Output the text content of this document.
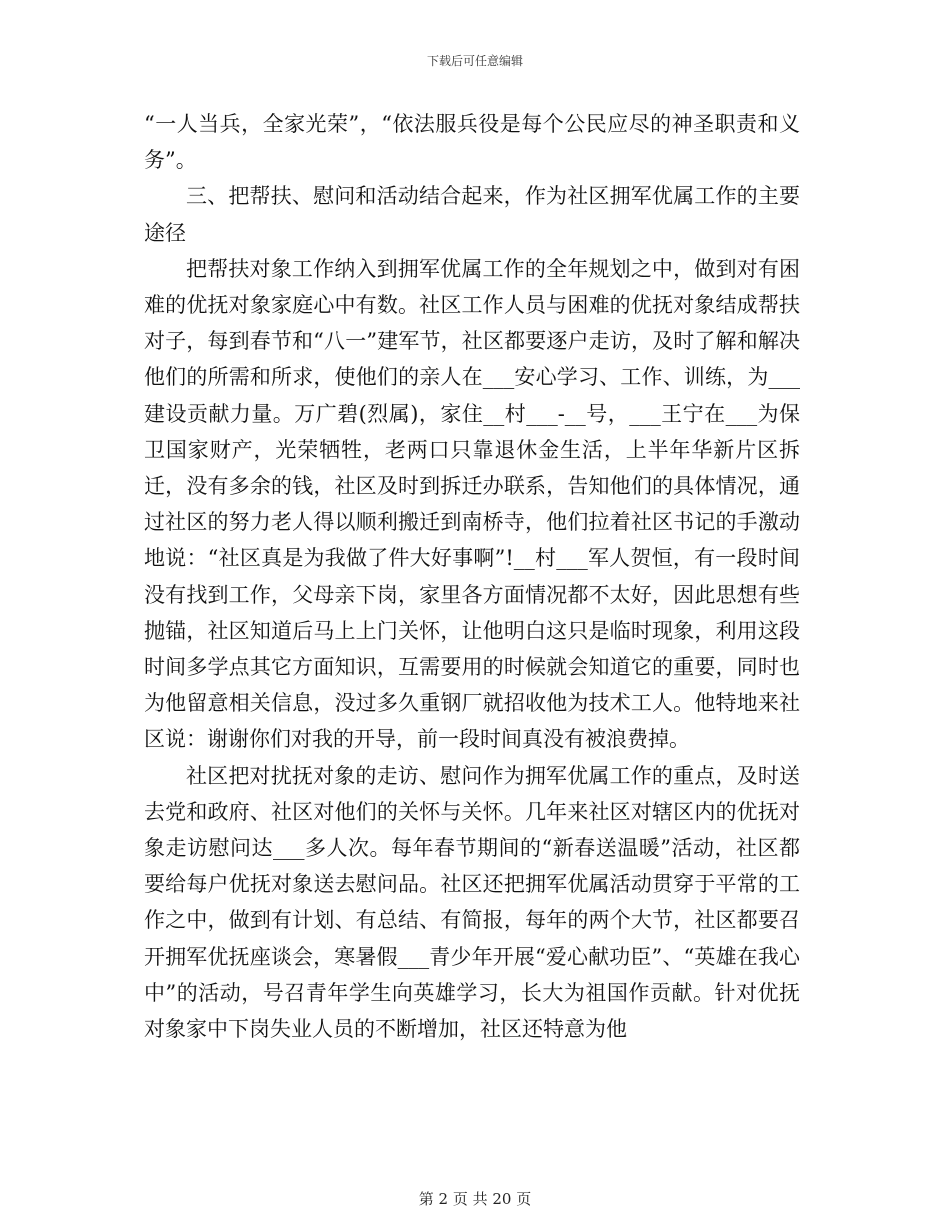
下载后可任意编辑

“一人当兵，全家光荣”，“依法服兵役是每个公民应尽的神圣职责和义务”。

三、把帮扶、慰问和活动结合起来，作为社区拥军优属工作的主要途径

把帮扶对象工作纳入到拥军优属工作的全年规划之中，做到对有困难的优抚对象家庭心中有数。社区工作人员与困难的优抚对象结成帮扶对子，每到春节和“八一”建军节，社区都要逐户走访，及时了解和解决他们的所需和所求，使他们的亲人在___安心学习、工作、训练，为___建设贡献力量。万广碧(烈属)，家住__村___-__号，___王宁在___为保卫国家财产，光荣牺牲，老两口只靠退休金生活，上半年华新片区拆迁，没有多余的钱，社区及时到拆迁办联系，告知他们的具体情况，通过社区的努力老人得以顺利搬迁到南桥寺，他们拉着社区书记的手激动地说：“社区真是为我做了件大好事啊”!__村___军人贺恒，有一段时间没有找到工作，父母亲下岗，家里各方面情况都不太好，因此思想有些抛锚，社区知道后马上上门关怀，让他明白这只是临时现象，利用这段时间多学点其它方面知识，互需要用的时候就会知道它的重要，同时也为他留意相关信息，没过多久重钢厂就招收他为技术工人。他特地来社区说：谢谢你们对我的开导，前一段时间真没有被浪费掉。

社区把对扰抚对象的走访、慰问作为拥军优属工作的重点，及时送去党和政府、社区对他们的关怀与关怀。几年来社区对辖区内的优抚对象走访慰问达___多人次。每年春节期间的“新春送温暖”活动，社区都要给每户优抚对象送去慰问品。社区还把拥军优属活动贯穿于平常的工作之中，做到有计划、有总结、有简报，每年的两个大节，社区都要召开拥军优抚座谈会，寒暑假___青少年开展“爱心献功臣”、“英雄在我心中”的活动，号召青年学生向英雄学习，长大为祖国作贡献。针对优抚对象家中下岗失业人员的不断增加，社区还特意为他

第 2 页 共 20 页
